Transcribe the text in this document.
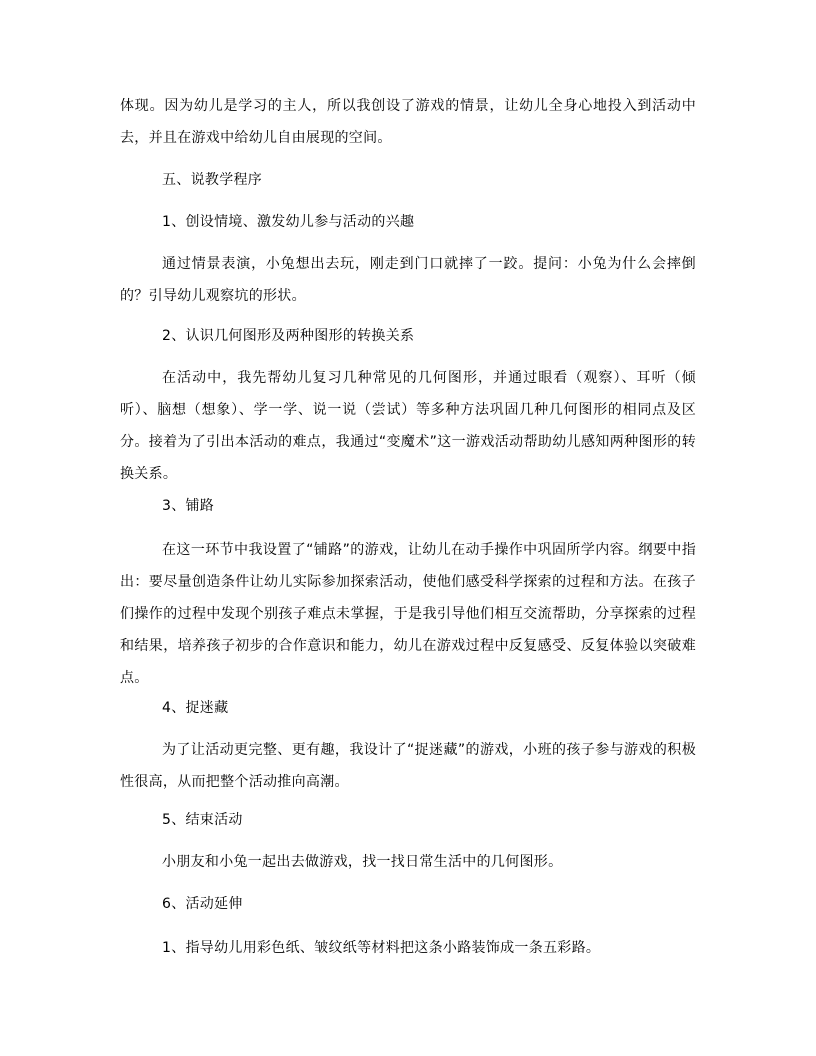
体现。因为幼儿是学习的主人，所以我创设了游戏的情景，让幼儿全身心地投入到活动中去，并且在游戏中给幼儿自由展现的空间。

五、说教学程序

1、创设情境、激发幼儿参与活动的兴趣

通过情景表演，小兔想出去玩，刚走到门口就摔了一跤。提问：小兔为什么会摔倒的？引导幼儿观察坑的形状。

2、认识几何图形及两种图形的转换关系

在活动中，我先帮幼儿复习几种常见的几何图形，并通过眼看（观察）、耳听（倾听）、脑想（想象）、学一学、说一说（尝试）等多种方法巩固几种几何图形的相同点及区分。接着为了引出本活动的难点，我通过“变魔术”这一游戏活动帮助幼儿感知两种图形的转换关系。

3、铺路

在这一环节中我设置了“铺路”的游戏，让幼儿在动手操作中巩固所学内容。纲要中指出：要尽量创造条件让幼儿实际参加探索活动，使他们感受科学探索的过程和方法。在孩子们操作的过程中发现个别孩子难点未掌握，于是我引导他们相互交流帮助，分享探索的过程和结果，培养孩子初步的合作意识和能力，幼儿在游戏过程中反复感受、反复体验以突破难点。

4、捉迷藏

为了让活动更完整、更有趣，我设计了“捉迷藏”的游戏，小班的孩子参与游戏的积极性很高，从而把整个活动推向高潮。

5、结束活动

小朋友和小兔一起出去做游戏，找一找日常生活中的几何图形。

6、活动延伸

1、指导幼儿用彩色纸、皱纹纸等材料把这条小路装饰成一条五彩路。
